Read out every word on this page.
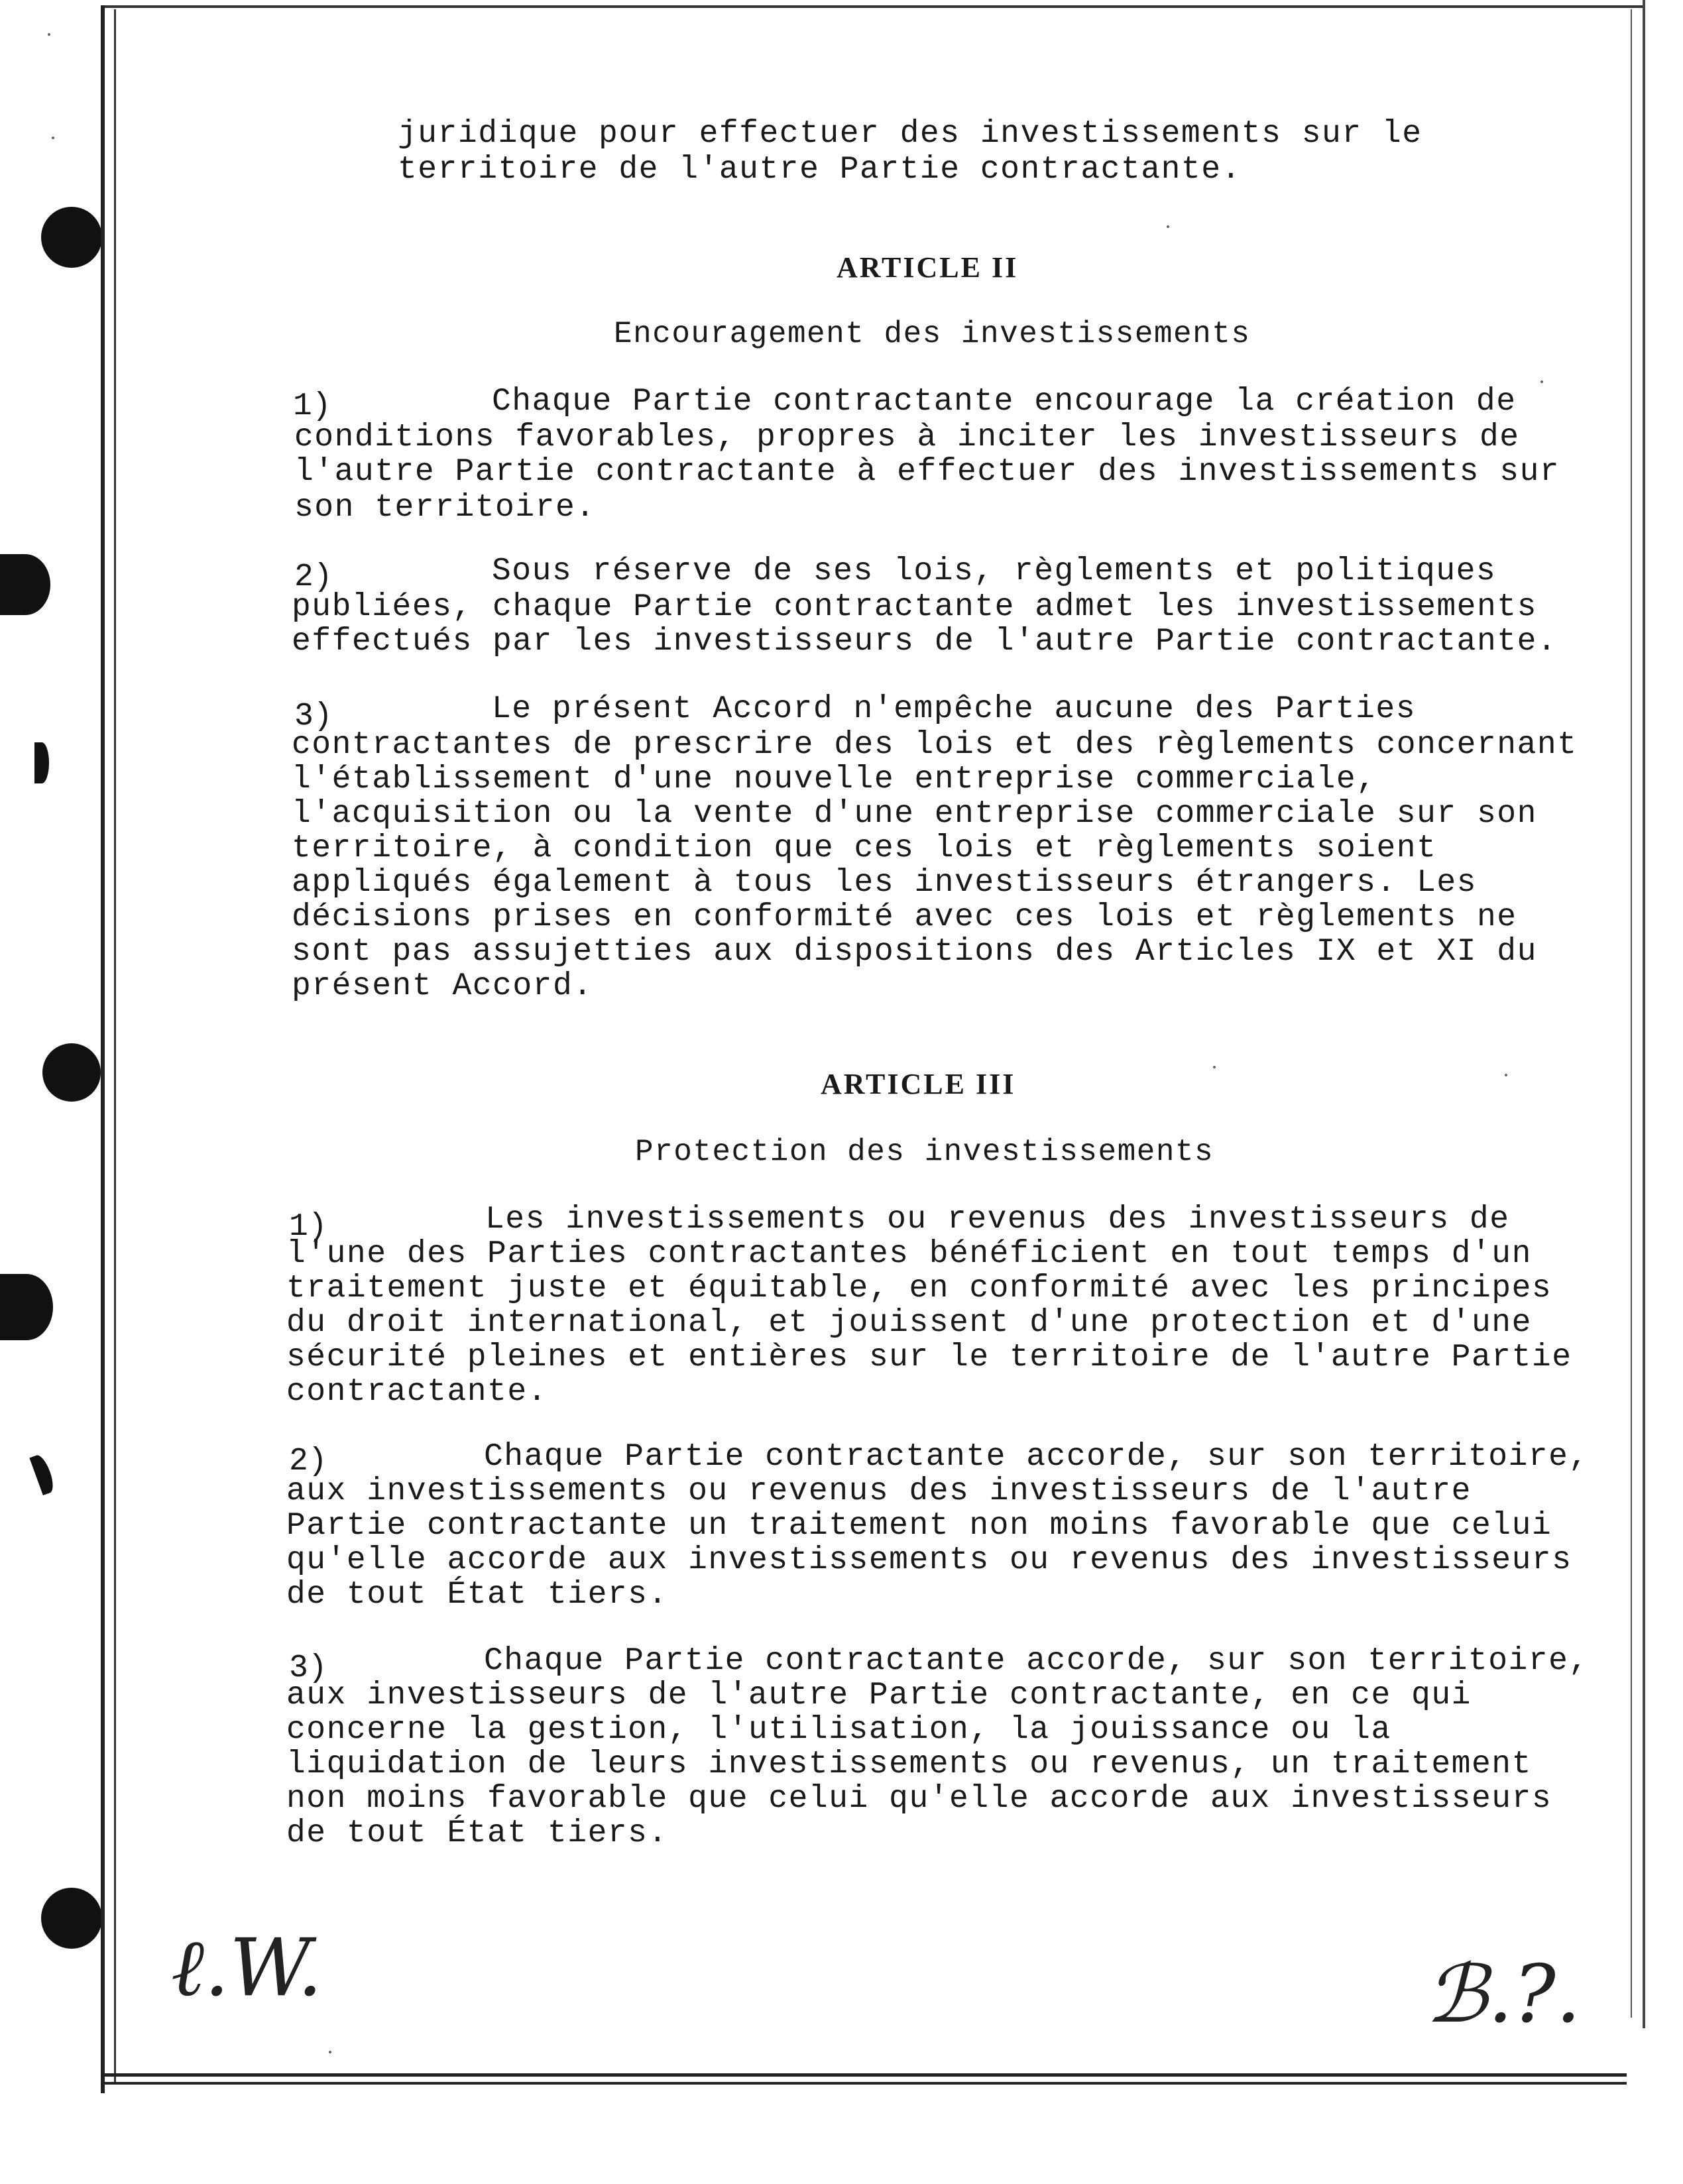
juridique pour effectuer des investissements sur le
territoire de l'autre Partie contractante.
ARTICLE II
Encouragement des investissements
1)	Chaque Partie contractante encourage la création de
conditions favorables, propres à inciter les investisseurs de
l'autre Partie contractante à effectuer des investissements sur
son territoire.
2)	Sous réserve de ses lois, règlements et politiques
publiées, chaque Partie contractante admet les investissements
effectués par les investisseurs de l'autre Partie contractante.
3)	Le présent Accord n'empêche aucune des Parties
contractantes de prescrire des lois et des règlements concernant
l'établissement d'une nouvelle entreprise commerciale,
l'acquisition ou la vente d'une entreprise commerciale sur son
territoire, à condition que ces lois et règlements soient
appliqués également à tous les investisseurs étrangers. Les
décisions prises en conformité avec ces lois et règlements ne
sont pas assujetties aux dispositions des Articles IX et XI du
présent Accord.
ARTICLE III
Protection des investissements
1)	Les investissements ou revenus des investisseurs de
l'une des Parties contractantes bénéficient en tout temps d'un
traitement juste et équitable, en conformité avec les principes
du droit international, et jouissent d'une protection et d'une
sécurité pleines et entières sur le territoire de l'autre Partie
contractante.
2)	Chaque Partie contractante accorde, sur son territoire,
aux investissements ou revenus des investisseurs de l'autre
Partie contractante un traitement non moins favorable que celui
qu'elle accorde aux investissements ou revenus des investisseurs
de tout État tiers.
3)	Chaque Partie contractante accorde, sur son territoire,
aux investisseurs de l'autre Partie contractante, en ce qui
concerne la gestion, l'utilisation, la jouissance ou la
liquidation de leurs investissements ou revenus, un traitement
non moins favorable que celui qu'elle accorde aux investisseurs
de tout État tiers.
ℓ.W.	ℬ.?.
